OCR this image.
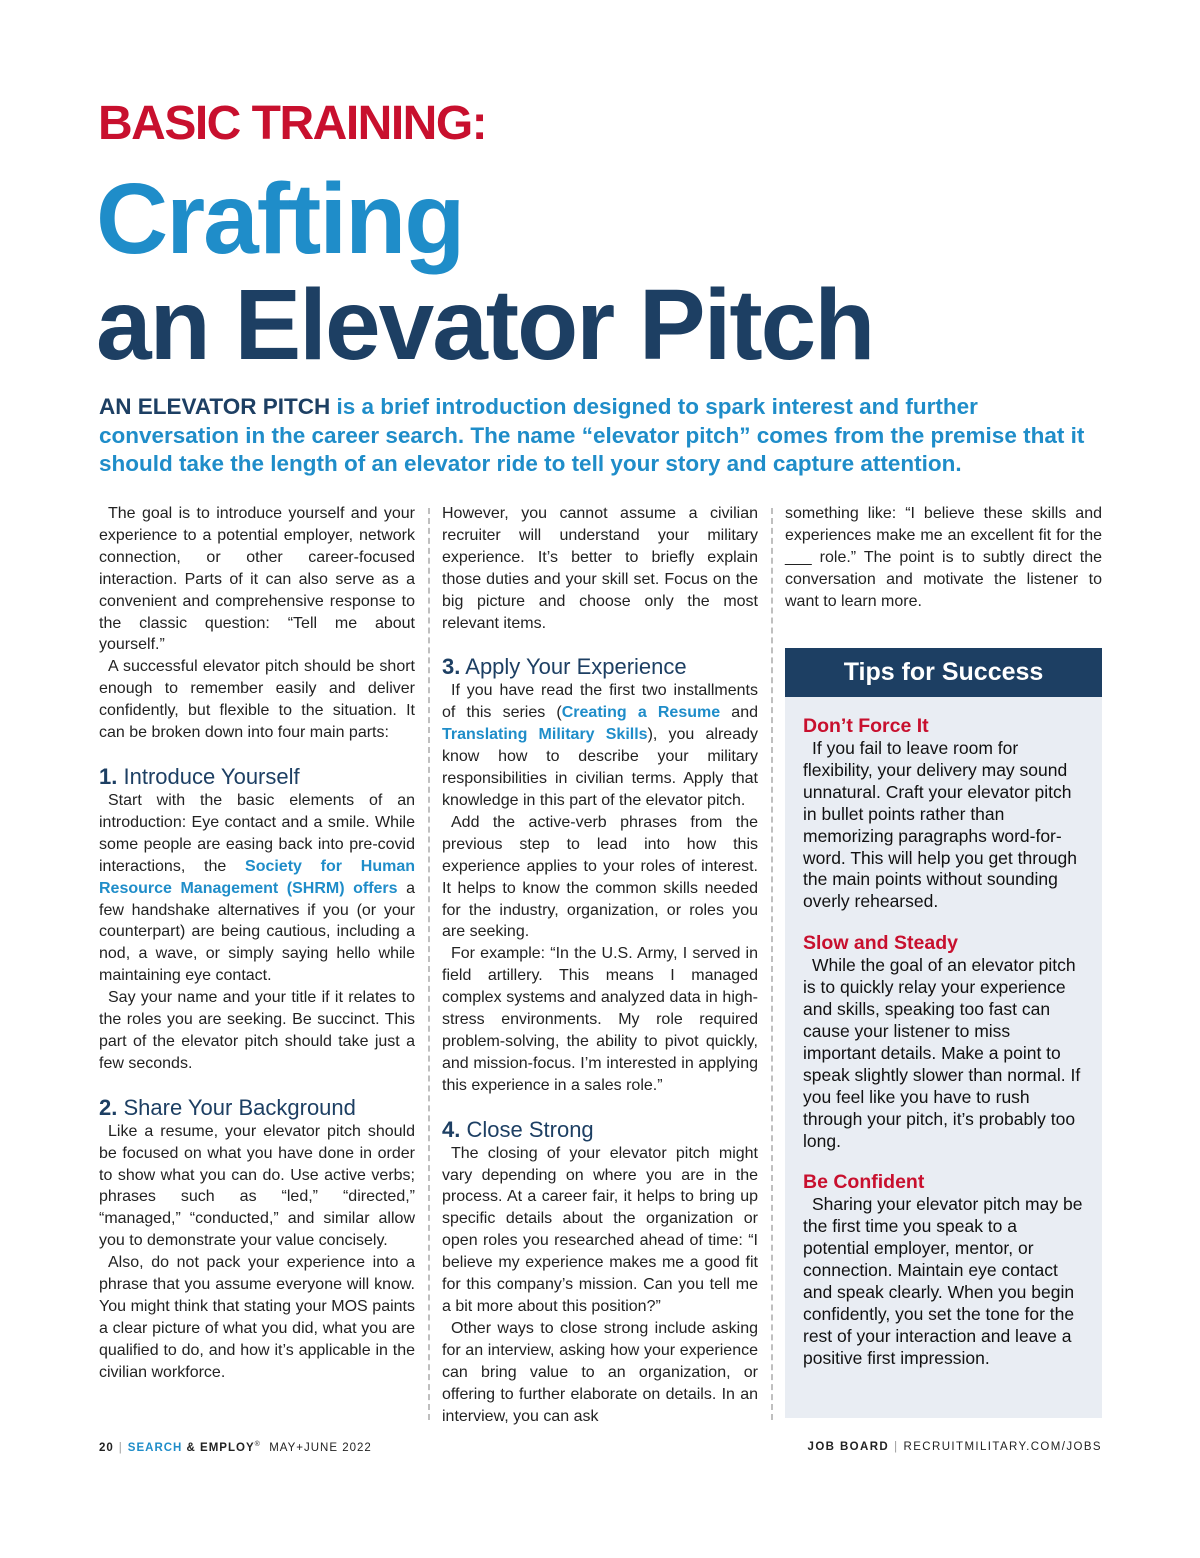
BASIC TRAINING:
Crafting
an Elevator Pitch

AN ELEVATOR PITCH is a brief introduction designed to spark interest and further conversation in the career search. The name “elevator pitch” comes from the premise that it should take the length of an elevator ride to tell your story and capture attention.

The goal is to introduce yourself and your experience to a potential employer, network connection, or other career-focused interaction. Parts of it can also serve as a convenient and comprehensive response to the classic question: “Tell me about yourself.”

A successful elevator pitch should be short enough to remember easily and deliver confidently, but flexible to the situation. It can be broken down into four main parts:

1. Introduce Yourself

Start with the basic elements of an introduction: Eye contact and a smile. While some people are easing back into pre-covid interactions, the Society for Human Resource Management (SHRM) offers a few handshake alternatives if you (or your counterpart) are being cautious, including a nod, a wave, or simply saying hello while maintaining eye contact.

Say your name and your title if it relates to the roles you are seeking. Be succinct. This part of the elevator pitch should take just a few seconds.

2. Share Your Background

Like a resume, your elevator pitch should be focused on what you have done in order to show what you can do. Use active verbs; phrases such as “led,” “directed,” “managed,” “conducted,” and similar allow you to demonstrate your value concisely.

Also, do not pack your experience into a phrase that you assume everyone will know. You might think that stating your MOS paints a clear picture of what you did, what you are qualified to do, and how it’s applicable in the civilian workforce.

However, you cannot assume a civilian recruiter will understand your military experience. It’s better to briefly explain those duties and your skill set. Focus on the big picture and choose only the most relevant items.

3. Apply Your Experience

If you have read the first two installments of this series (Creating a Resume and Translating Military Skills), you already know how to describe your military responsibilities in civilian terms. Apply that knowledge in this part of the elevator pitch.

Add the active-verb phrases from the previous step to lead into how this experience applies to your roles of interest. It helps to know the common skills needed for the industry, organization, or roles you are seeking.

For example: “In the U.S. Army, I served in field artillery. This means I managed complex systems and analyzed data in high-stress environments. My role required problem-solving, the ability to pivot quickly, and mission-focus. I’m interested in applying this experience in a sales role.”

4. Close Strong

The closing of your elevator pitch might vary depending on where you are in the process. At a career fair, it helps to bring up specific details about the organization or open roles you researched ahead of time: “I believe my experience makes me a good fit for this company’s mission. Can you tell me a bit more about this position?”

Other ways to close strong include asking for an interview, asking how your experience can bring value to an organization, or offering to further elaborate on details. In an interview, you can ask

something like: “I believe these skills and experiences make me an excellent fit for the ___ role.” The point is to subtly direct the conversation and motivate the listener to want to learn more.

Tips for Success
Don’t Force It

If you fail to leave room for flexibility, your delivery may sound unnatural. Craft your elevator pitch in bullet points rather than memorizing paragraphs word-for-word. This will help you get through the main points without sounding overly rehearsed.

Slow and Steady

While the goal of an elevator pitch is to quickly relay your experience and skills, speaking too fast can cause your listener to miss important details. Make a point to speak slightly slower than normal. If you feel like you have to rush through your pitch, it’s probably too long.

Be Confident

Sharing your elevator pitch may be the first time you speak to a potential employer, mentor, or connection. Maintain eye contact and speak clearly. When you begin confidently, you set the tone for the rest of your interaction and leave a positive first impression.

20 | SEARCH & EMPLOY® MAY+JUNE 2022	JOB BOARD | RECRUITMILITARY.COM/JOBS
